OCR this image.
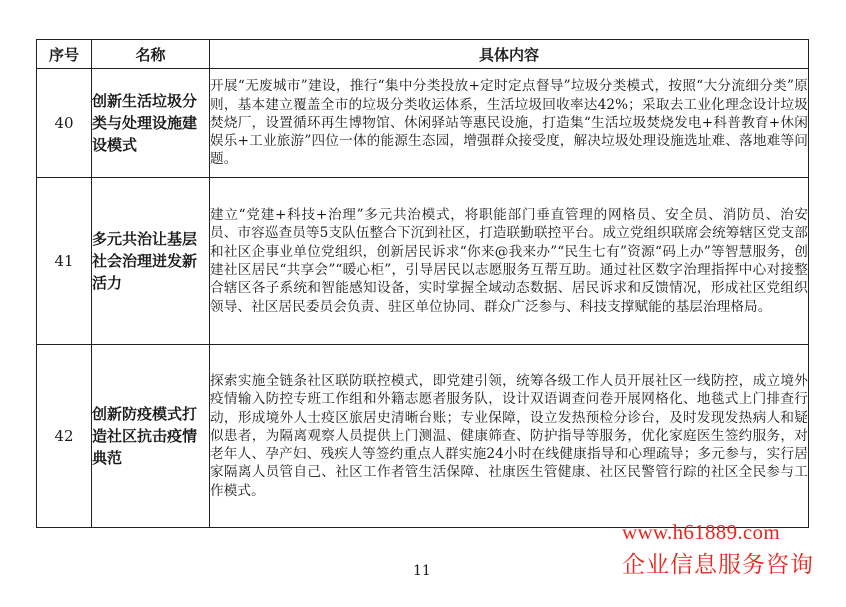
序号	名称	具体内容
40	创新生活垃圾分类与处理设施建设模式	开展“无废城市”建设，推行“集中分类投放+定时定点督导”垃圾分类模式，按照“大分流细分类”原则，基本建立覆盖全市的垃圾分类收运体系，生活垃圾回收率达42%；采取去工业化理念设计垃圾焚烧厂，设置循环再生博物馆、休闲驿站等惠民设施，打造集“生活垃圾焚烧发电+科普教育+休闲娱乐+工业旅游”四位一体的能源生态园，增强群众接受度，解决垃圾处理设施选址难、落地难等问题。
41	多元共治让基层社会治理迸发新活力	建立“党建+科技+治理”多元共治模式，将职能部门垂直管理的网格员、安全员、消防员、治安员、市容巡查员等5支队伍整合下沉到社区，打造联勤联控平台。成立党组织联席会统筹辖区党支部和社区企事业单位党组织，创新居民诉求“你来@我来办”“民生七有”资源“码上办”等智慧服务，创建社区居民“共享会”“暖心柜”，引导居民以志愿服务互帮互助。通过社区数字治理指挥中心对接整合辖区各子系统和智能感知设备，实时掌握全域动态数据、居民诉求和反馈情况，形成社区党组织领导、社区居民委员会负责、驻区单位协同、群众广泛参与、科技支撑赋能的基层治理格局。
42	创新防疫模式打造社区抗击疫情典范	探索实施全链条社区联防联控模式，即党建引领，统筹各级工作人员开展社区一线防控，成立境外疫情输入防控专班工作组和外籍志愿者服务队，设计双语调查问卷开展网格化、地毯式上门排查行动，形成境外人士疫区旅居史清晰台账；专业保障，设立发热预检分诊台，及时发现发热病人和疑似患者，为隔离观察人员提供上门测温、健康筛查、防护指导等服务，优化家庭医生签约服务，对老年人、孕产妇、残疾人等签约重点人群实施24小时在线健康指导和心理疏导；多元参与，实行居家隔离人员管自己、社区工作者管生活保障、社康医生管健康、社区民警管行踪的社区全民参与工作模式。
www.h61889.com
企业信息服务咨询
11
